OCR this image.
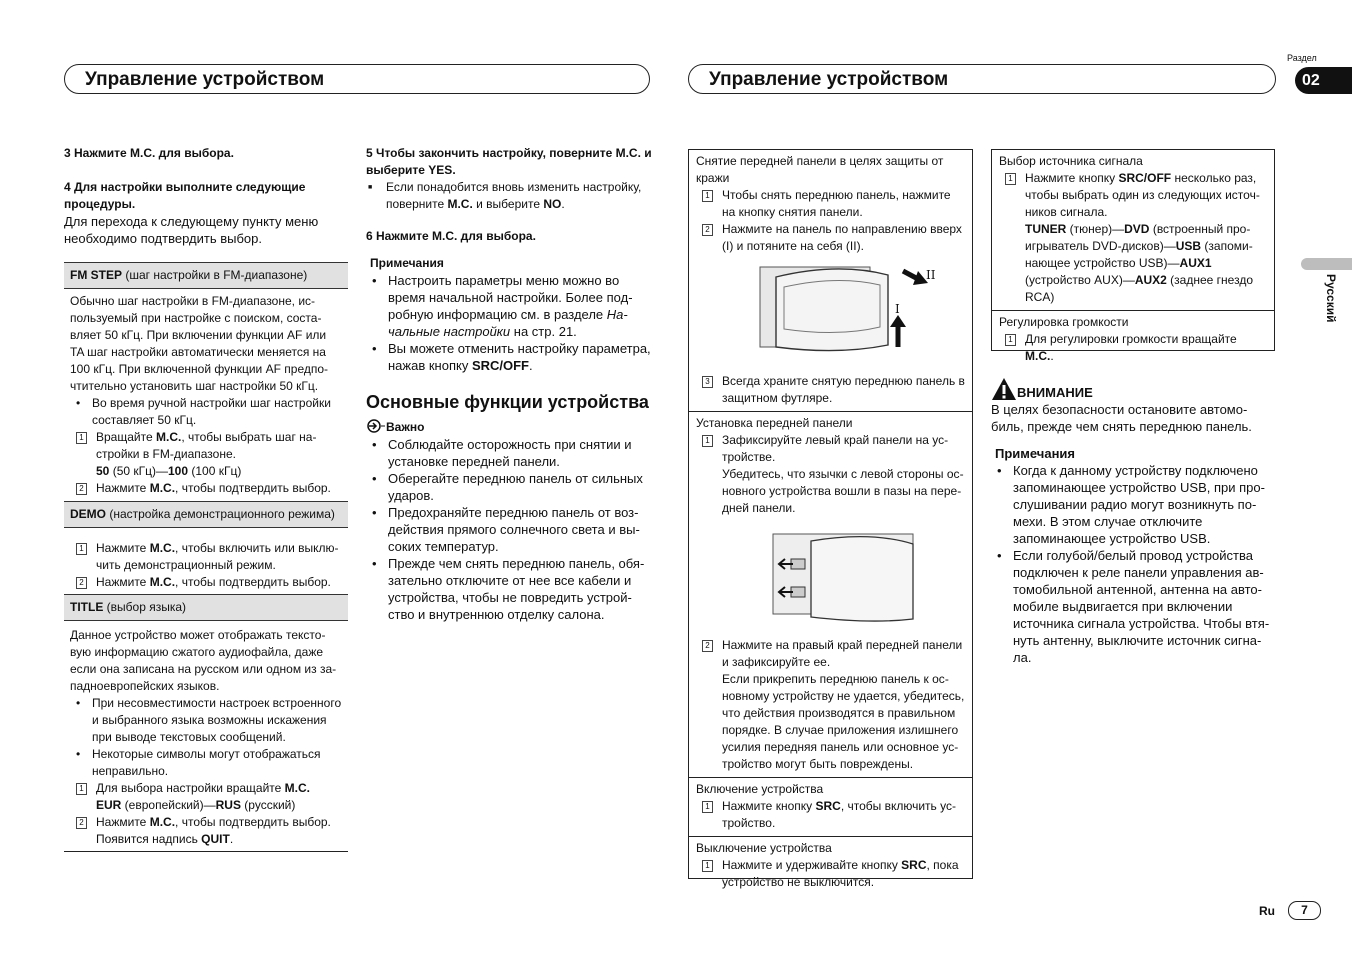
Управление устройством	Управление устройством
Раздел
02
Русский

3 Нажмите M.C. для выбора.

4 Для настройки выполните следующие процедуры.

Для перехода к следующему пункту меню необходимо подтвердить выбор.

FM STEP (шаг настройки в FM-диапазоне)

Обычно шаг настройки в FM-диапазоне, используемый при настройке с поиском, составляет 50 кГц. При включении функции AF или TA шаг настройки автоматически меняется на 100 кГц. При включенной функции AF предпочтительно установить шаг настройки 50 кГц.

• Во время ручной настройки шаг настройки составляет 50 кГц.

1 Вращайте M.C., чтобы выбрать шаг настройки в FM-диапазоне.
50 (50 кГц)—100 (100 кГц)

2 Нажмите M.C., чтобы подтвердить выбор.

DEMO (настройка демонстрационного режима)

1 Нажмите M.C., чтобы включить или выключить демонстрационный режим.

2 Нажмите M.C., чтобы подтвердить выбор.

TITLE (выбор языка)

Данное устройство может отображать текстовую информацию сжатого аудиофайла, даже если она записана на русском или одном из западноевропейских языков.

• При несовместимости настроек встроенного и выбранного языка возможны искажения при выводе текстовых сообщений.

• Некоторые символы могут отображаться неправильно.

1 Для выбора настройки вращайте M.C.
EUR (европейский)—RUS (русский)

2 Нажмите M.C., чтобы подтвердить выбор.
Появится надпись QUIT.

5 Чтобы закончить настройку, поверните M.C. и выберите YES.

■ Если понадобится вновь изменить настройку, поверните M.C. и выберите NO.

6 Нажмите M.C. для выбора.

Примечания

• Настроить параметры меню можно во время начальной настройки. Более подробную информацию см. в разделе Начальные настройки на стр. 21.

• Вы можете отменить настройку параметра, нажав кнопку SRC/OFF.

Основные функции устройства

Важно

• Соблюдайте осторожность при снятии и установке передней панели.

• Оберегайте переднюю панель от сильных ударов.

• Предохраняйте переднюю панель от воздействия прямого солнечного света и высоких температур.

• Прежде чем снять переднюю панель, обязательно отключите от нее все кабели и устройства, чтобы не повредить устройство и внутреннюю отделку салона.

Снятие передней панели в целях защиты от кражи

1 Чтобы снять переднюю панель, нажмите на кнопку снятия панели.

2 Нажмите на панель по направлению вверх (I) и потяните на себя (II).

II
I

3 Всегда храните снятую переднюю панель в защитном футляре.

Установка передней панели

1 Зафиксируйте левый край панели на устройстве.
Убедитесь, что язычки с левой стороны основного устройства вошли в пазы на передней панели.

2 Нажмите на правый край передней панели и зафиксируйте ее.
Если прикрепить переднюю панель к основному устройству не удается, убедитесь, что действия производятся в правильном порядке. В случае приложения излишнего усилия передняя панель или основное устройство могут быть повреждены.

Включение устройства

1 Нажмите кнопку SRC, чтобы включить устройство.

Выключение устройства

1 Нажмите и удерживайте кнопку SRC, пока устройство не выключится.

Выбор источника сигнала

1 Нажмите кнопку SRC/OFF несколько раз, чтобы выбрать один из следующих источников сигнала.
TUNER (тюнер)—DVD (встроенный проигрыватель DVD-дисков)—USB (запоминающее устройство USB)—AUX1 (устройство AUX)—AUX2 (заднее гнездо RCA)

Регулировка громкости

1 Для регулировки громкости вращайте M.C..

ВНИМАНИЕ

В целях безопасности остановите автомобиль, прежде чем снять переднюю панель.

Примечания

• Когда к данному устройству подключено запоминающее устройство USB, при прослушивании радио могут возникнуть помехи. В этом случае отключите запоминающее устройство USB.

• Если голубой/белый провод устройства подключен к реле панели управления автомобильной антенной, антенна на автомобиле выдвигается при включении источника сигнала устройства. Чтобы втянуть антенну, выключите источник сигнала.

Ru	7
